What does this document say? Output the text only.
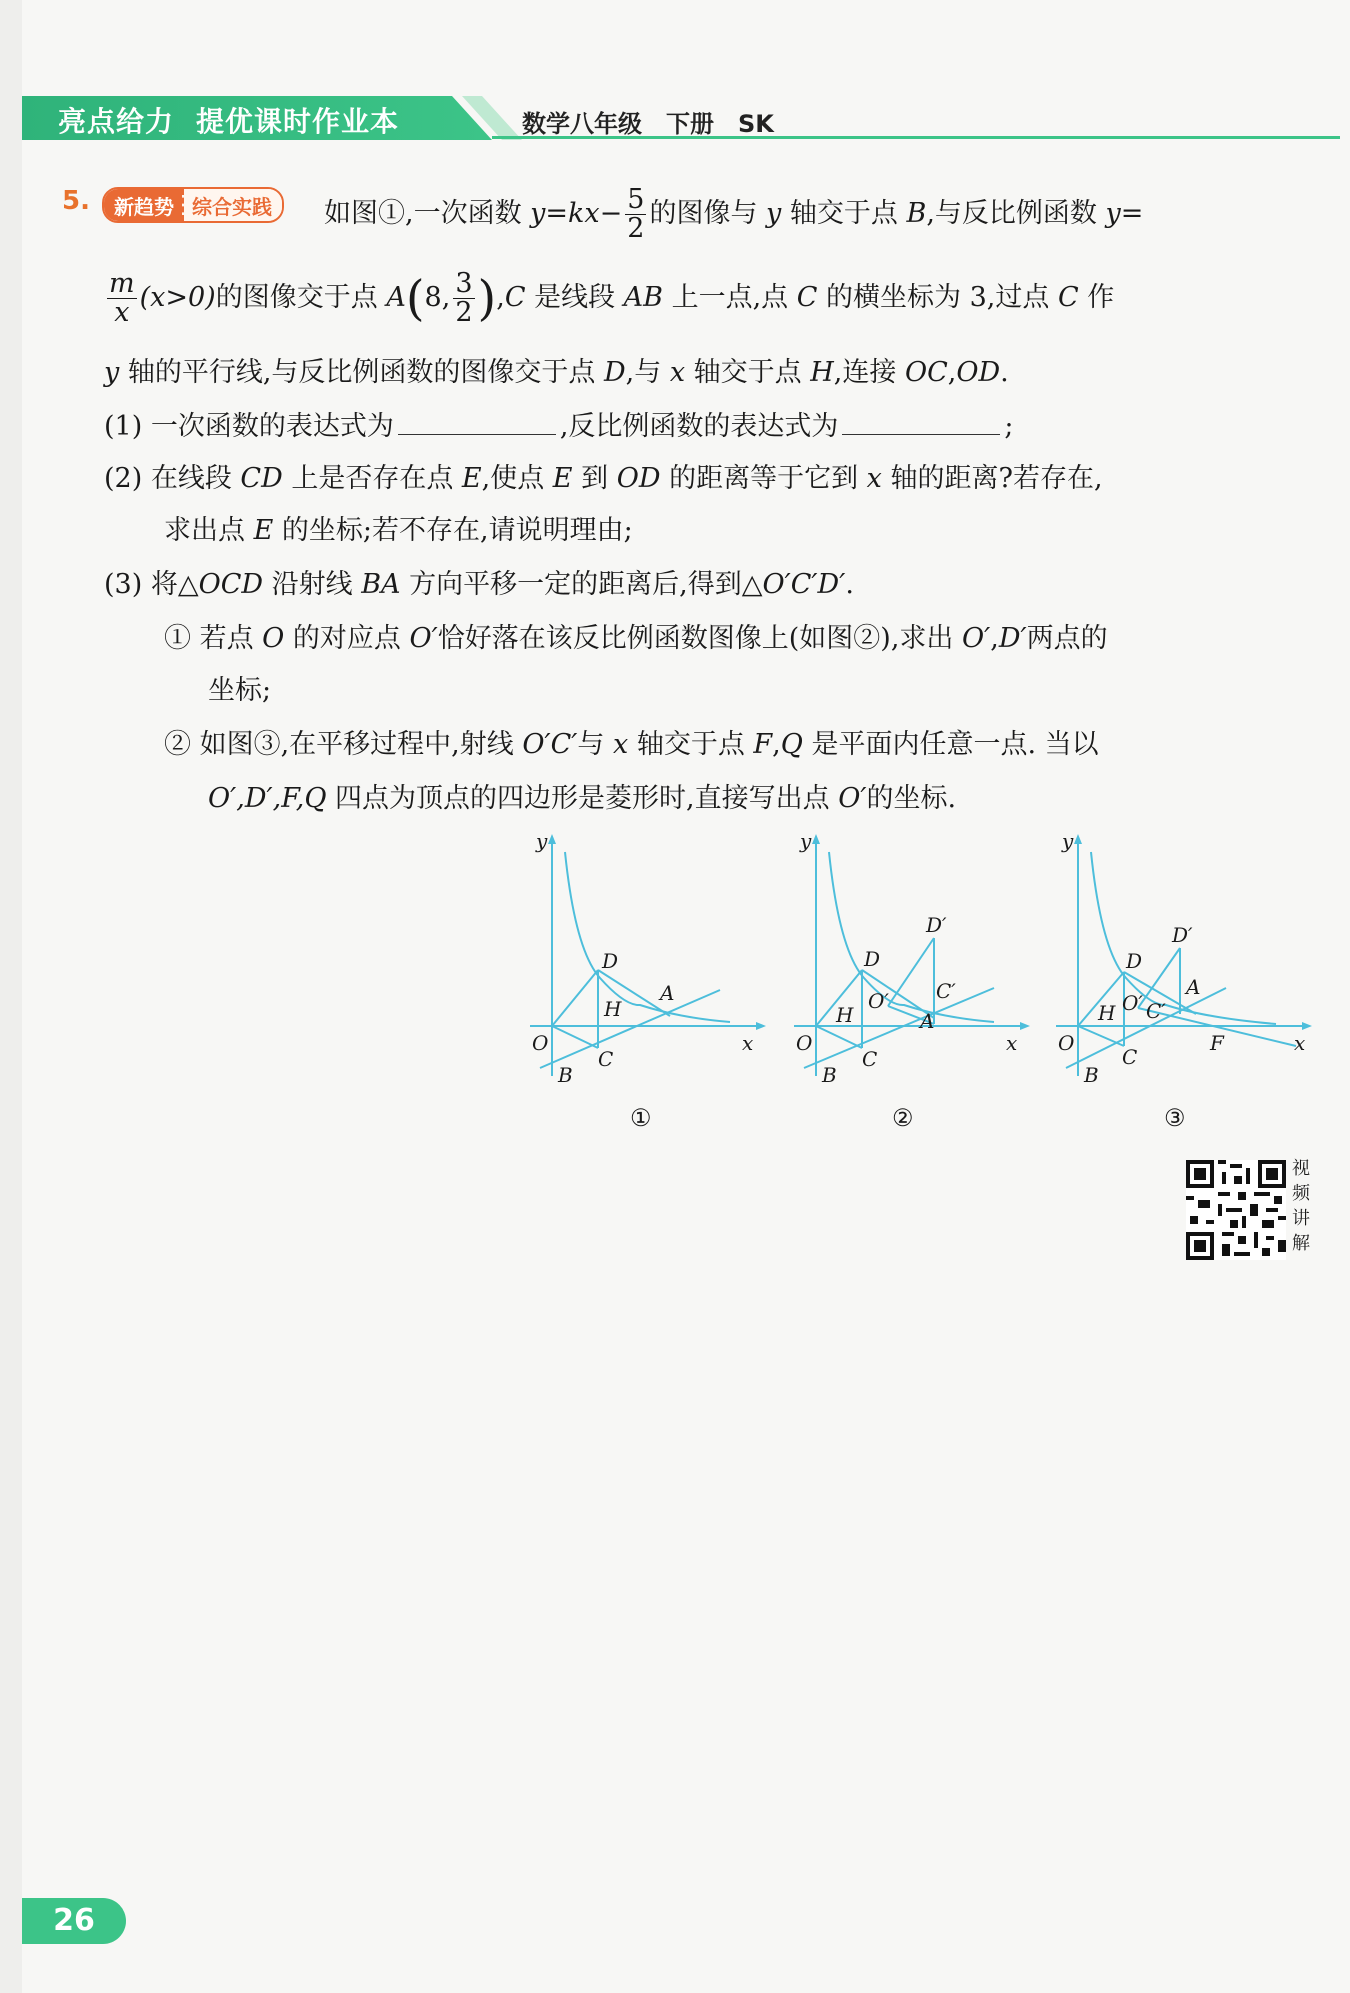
亮点给力 提优课时作业本	数学八年级 下册 SK
5.	新趋势 综合实践	如图①,一次函数 $y=kx- \frac{5}{2}$ 的图像与 y 轴交于点 B,与反比例函数 y=
$\frac{m}{x} (x>0)$的图像交于点 A(8, $\frac{3}{2} ),C$ 是线段 AB 上一点,点 C 的横坐标为 3,过点 C 作
y 轴的平行线,与反比例函数的图像交于点 D,与 x 轴交于点 H,连接 OC,OD.
(1) 一次函数的表达式为	,反比例函数的表达式为	;
(2) 在线段 CD 上是否存在点 E,使点 E 到 OD 的距离等于它到 x 轴的距离?若存在,
求出点 E 的坐标;若不存在,请说明理由;
(3) 将△OCD 沿射线 BA 方向平移一定的距离后,得到△O′C′D′.
① 若点 O 的对应点 O′恰好落在该反比例函数图像上(如图②),求出 O′,D′两点的
坐标;
② 如图③,在平移过程中,射线 O′C′与 x 轴交于点 F,Q 是平面内任意一点. 当以
O′,D′,F,Q 四点为顶点的四边形是菱形时,直接写出点 O′的坐标.
y
x
O
B
C
H
D
A
①
y
x
O
B
C
H
D
A
O′ C′
D′
②
y
x
O
B
C
H
D
A
O′ C′
D′
F
③
视频讲解
26
